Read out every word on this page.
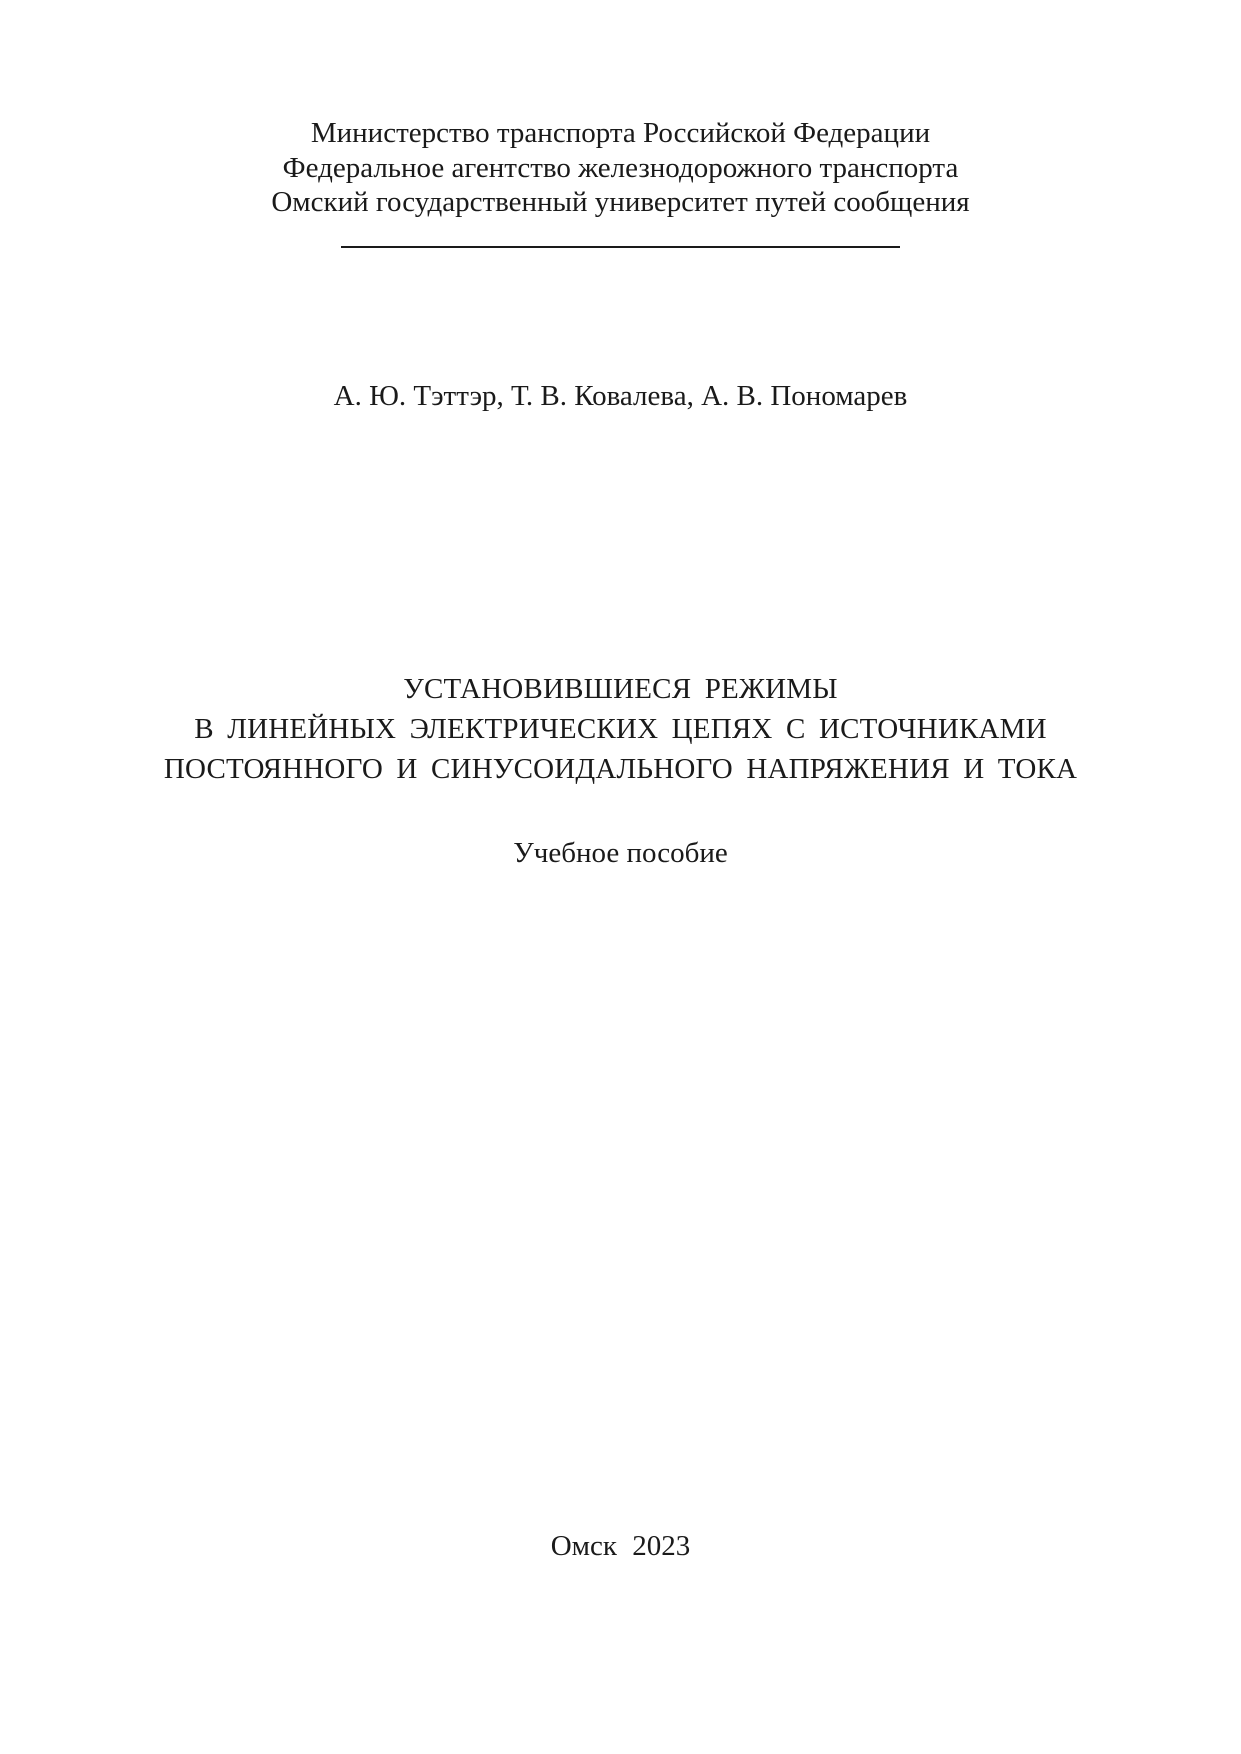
Министерство транспорта Российской Федерации
Федеральное агентство железнодорожного транспорта
Омский государственный университет путей сообщения
А. Ю. Тэттэр, Т. В. Ковалева, А. В. Пономарев
УСТАНОВИВШИЕСЯ РЕЖИМЫ
В ЛИНЕЙНЫХ ЭЛЕКТРИЧЕСКИХ ЦЕПЯХ С ИСТОЧНИКАМИ
ПОСТОЯННОГО И СИНУСОИДАЛЬНОГО НАПРЯЖЕНИЯ И ТОКА
Учебное пособие
Омск 2023
